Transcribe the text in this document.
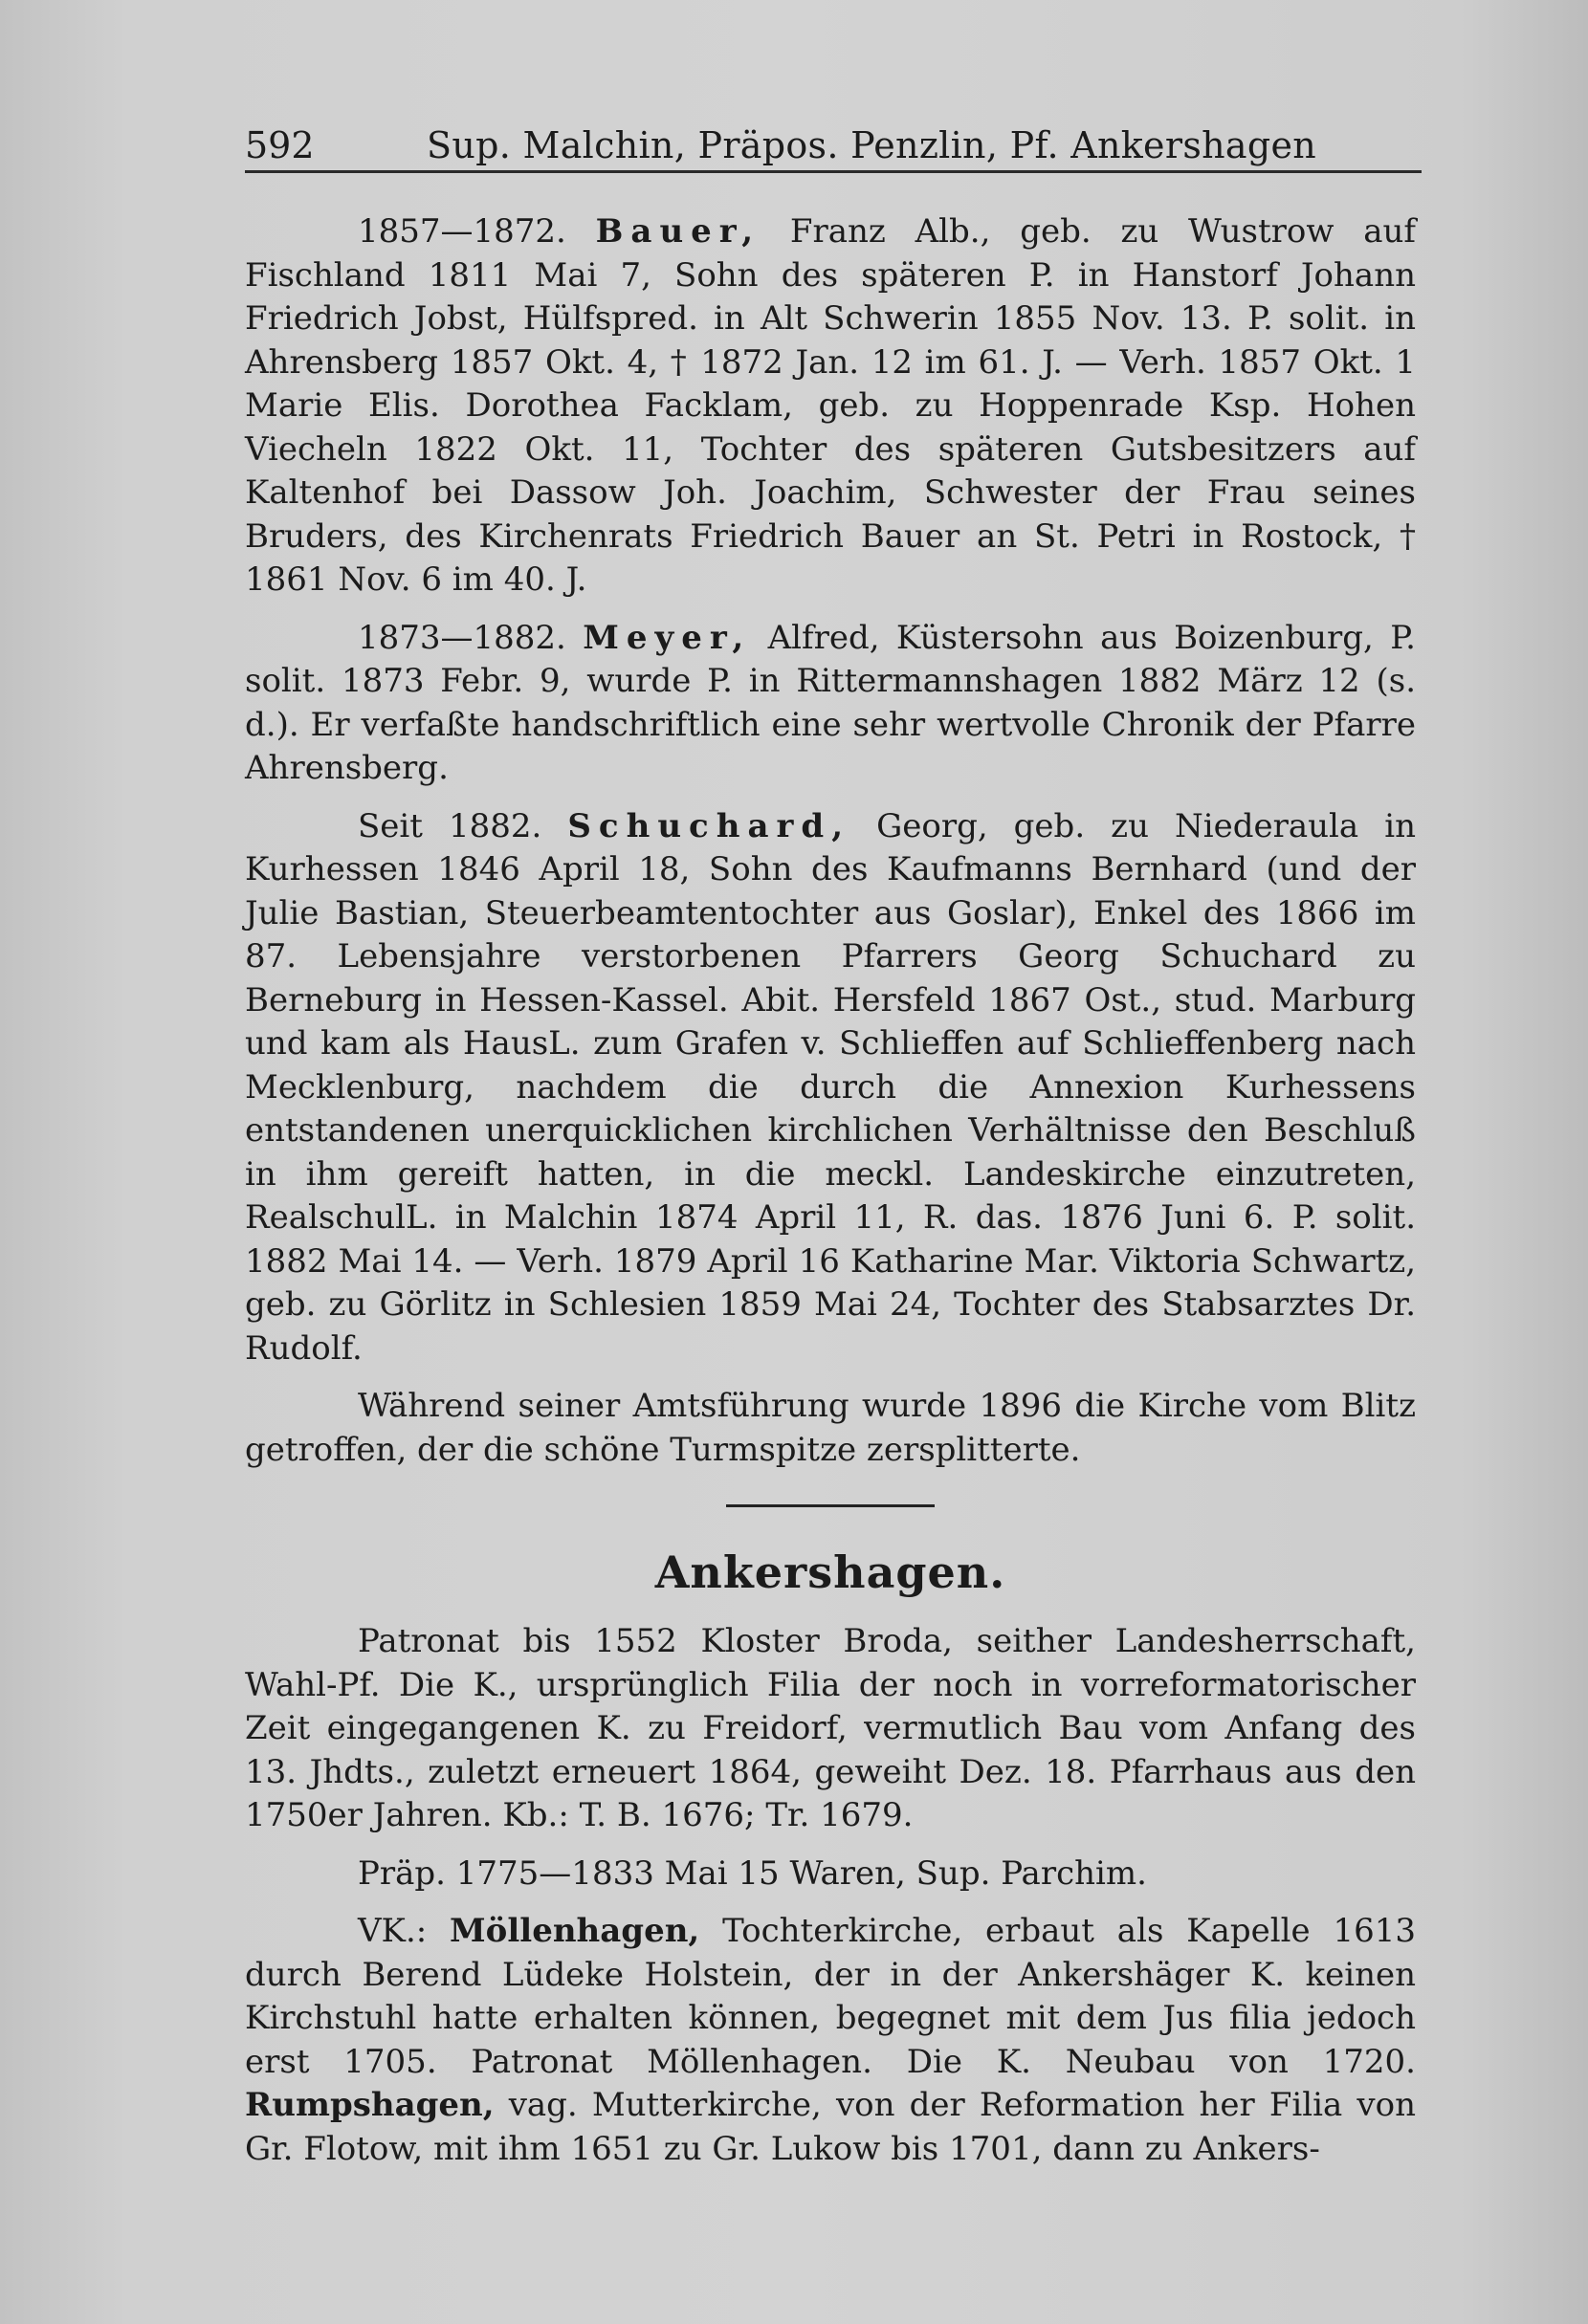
592	Sup. Malchin, Präpos. Penzlin, Pf. Ankershagen

1857—1872. Bauer, Franz Alb., geb. zu Wustrow auf Fischland 1811 Mai 7, Sohn des späteren P. in Hanstorf Johann Friedrich Jobst, Hülfspred. in Alt Schwerin 1855 Nov. 13. P. solit. in Ahrensberg 1857 Okt. 4, † 1872 Jan. 12 im 61. J. — Verh. 1857 Okt. 1 Marie Elis. Dorothea Facklam, geb. zu Hoppenrade Ksp. Hohen Viecheln 1822 Okt. 11, Tochter des späteren Gutsbesitzers auf Kaltenhof bei Dassow Joh. Joachim, Schwester der Frau seines Bruders, des Kirchenrats Friedrich Bauer an St. Petri in Rostock, † 1861 Nov. 6 im 40. J.

1873—1882. Meyer, Alfred, Küstersohn aus Boizenburg, P. solit. 1873 Febr. 9, wurde P. in Rittermannshagen 1882 März 12 (s. d.). Er verfaßte handschriftlich eine sehr wertvolle Chronik der Pfarre Ahrensberg.

Seit 1882. Schuchard, Georg, geb. zu Niederaula in Kurhessen 1846 April 18, Sohn des Kaufmanns Bernhard (und der Julie Bastian, Steuerbeamtentochter aus Goslar), Enkel des 1866 im 87. Lebensjahre verstorbenen Pfarrers Georg Schuchard zu Berneburg in Hessen-Kassel. Abit. Hersfeld 1867 Ost., stud. Marburg und kam als HausL. zum Grafen v. Schlieffen auf Schlieffenberg nach Mecklenburg, nachdem die durch die Annexion Kurhessens entstandenen unerquicklichen kirchlichen Verhältnisse den Beschluß in ihm gereift hatten, in die meckl. Landeskirche einzutreten, RealschulL. in Malchin 1874 April 11, R. das. 1876 Juni 6. P. solit. 1882 Mai 14. — Verh. 1879 April 16 Katharine Mar. Viktoria Schwartz, geb. zu Görlitz in Schlesien 1859 Mai 24, Tochter des Stabsarztes Dr. Rudolf.

Während seiner Amtsführung wurde 1896 die Kirche vom Blitz getroffen, der die schöne Turmspitze zersplitterte.

Ankershagen.

Patronat bis 1552 Kloster Broda, seither Landesherrschaft, Wahl-Pf. Die K., ursprünglich Filia der noch in vorreformatorischer Zeit eingegangenen K. zu Freidorf, vermutlich Bau vom Anfang des 13. Jhdts., zuletzt erneuert 1864, geweiht Dez. 18. Pfarrhaus aus den 1750er Jahren. Kb.: T. B. 1676; Tr. 1679.

Präp. 1775—1833 Mai 15 Waren, Sup. Parchim.

VK.: Möllenhagen, Tochterkirche, erbaut als Kapelle 1613 durch Berend Lüdeke Holstein, der in der Ankershäger K. keinen Kirchstuhl hatte erhalten können, begegnet mit dem Jus filia jedoch erst 1705. Patronat Möllenhagen. Die K. Neubau von 1720. Rumpshagen, vag. Mutterkirche, von der Reformation her Filia von Gr. Flotow, mit ihm 1651 zu Gr. Lukow bis 1701, dann zu Ankers-
